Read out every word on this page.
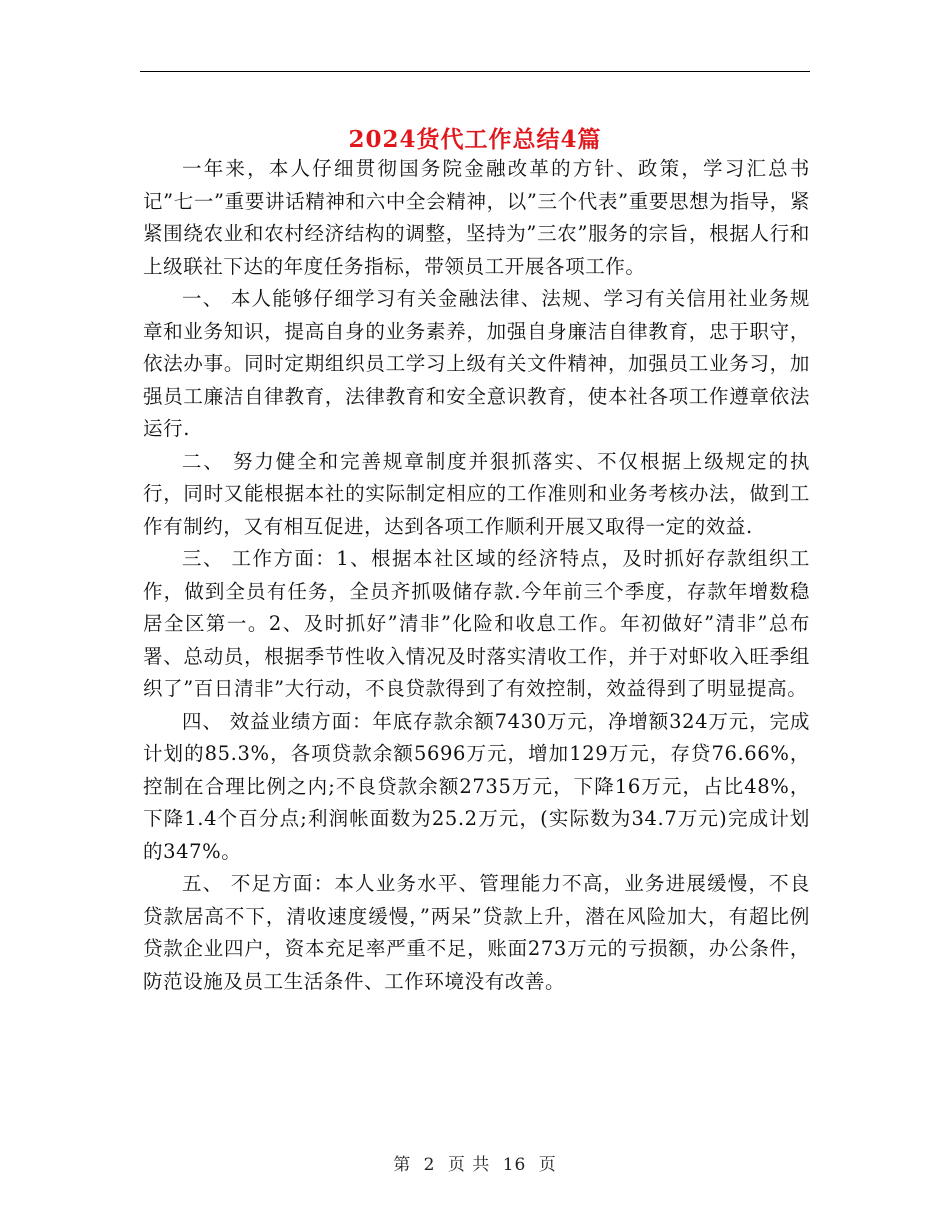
2024货代工作总结4篇

一年来，本人仔细贯彻国务院金融改革的方针、政策，学习汇总书记”七一”重要讲话精神和六中全会精神，以”三个代表”重要思想为指导，紧紧围绕农业和农村经济结构的调整，坚持为”三农”服务的宗旨，根据人行和上级联社下达的年度任务指标，带领员工开展各项工作。

一、 本人能够仔细学习有关金融法律、法规、学习有关信用社业务规章和业务知识，提高自身的业务素养，加强自身廉洁自律教育，忠于职守，依法办事。同时定期组织员工学习上级有关文件精神，加强员工业务习，加强员工廉洁自律教育，法律教育和安全意识教育，使本社各项工作遵章依法运行.

二、 努力健全和完善规章制度并狠抓落实、不仅根据上级规定的执行，同时又能根据本社的实际制定相应的工作准则和业务考核办法，做到工作有制约，又有相互促进，达到各项工作顺利开展又取得一定的效益.

三、 工作方面：1、根据本社区域的经济特点，及时抓好存款组织工作，做到全员有任务，全员齐抓吸储存款.今年前三个季度，存款年增数稳居全区第一。2、及时抓好”清非”化险和收息工作。年初做好”清非”总布署、总动员，根据季节性收入情况及时落实清收工作，并于对虾收入旺季组织了”百日清非”大行动，不良贷款得到了有效控制，效益得到了明显提高。

四、 效益业绩方面：年底存款余额7430万元，净增额324万元，完成计划的85.3%，各项贷款余额5696万元，增加129万元，存贷76.66%，控制在合理比例之内;不良贷款余额2735万元，下降16万元，占比48%，下降1.4个百分点;利润帐面数为25.2万元，(实际数为34.7万元)完成计划的347%。

五、 不足方面：本人业务水平、管理能力不高，业务进展缓慢，不良贷款居高不下，清收速度缓慢，”两呆”贷款上升，潜在风险加大，有超比例贷款企业四户，资本充足率严重不足，账面273万元的亏损额，办公条件，防范设施及员工生活条件、工作环境没有改善。

第 2 页 共 16 页
